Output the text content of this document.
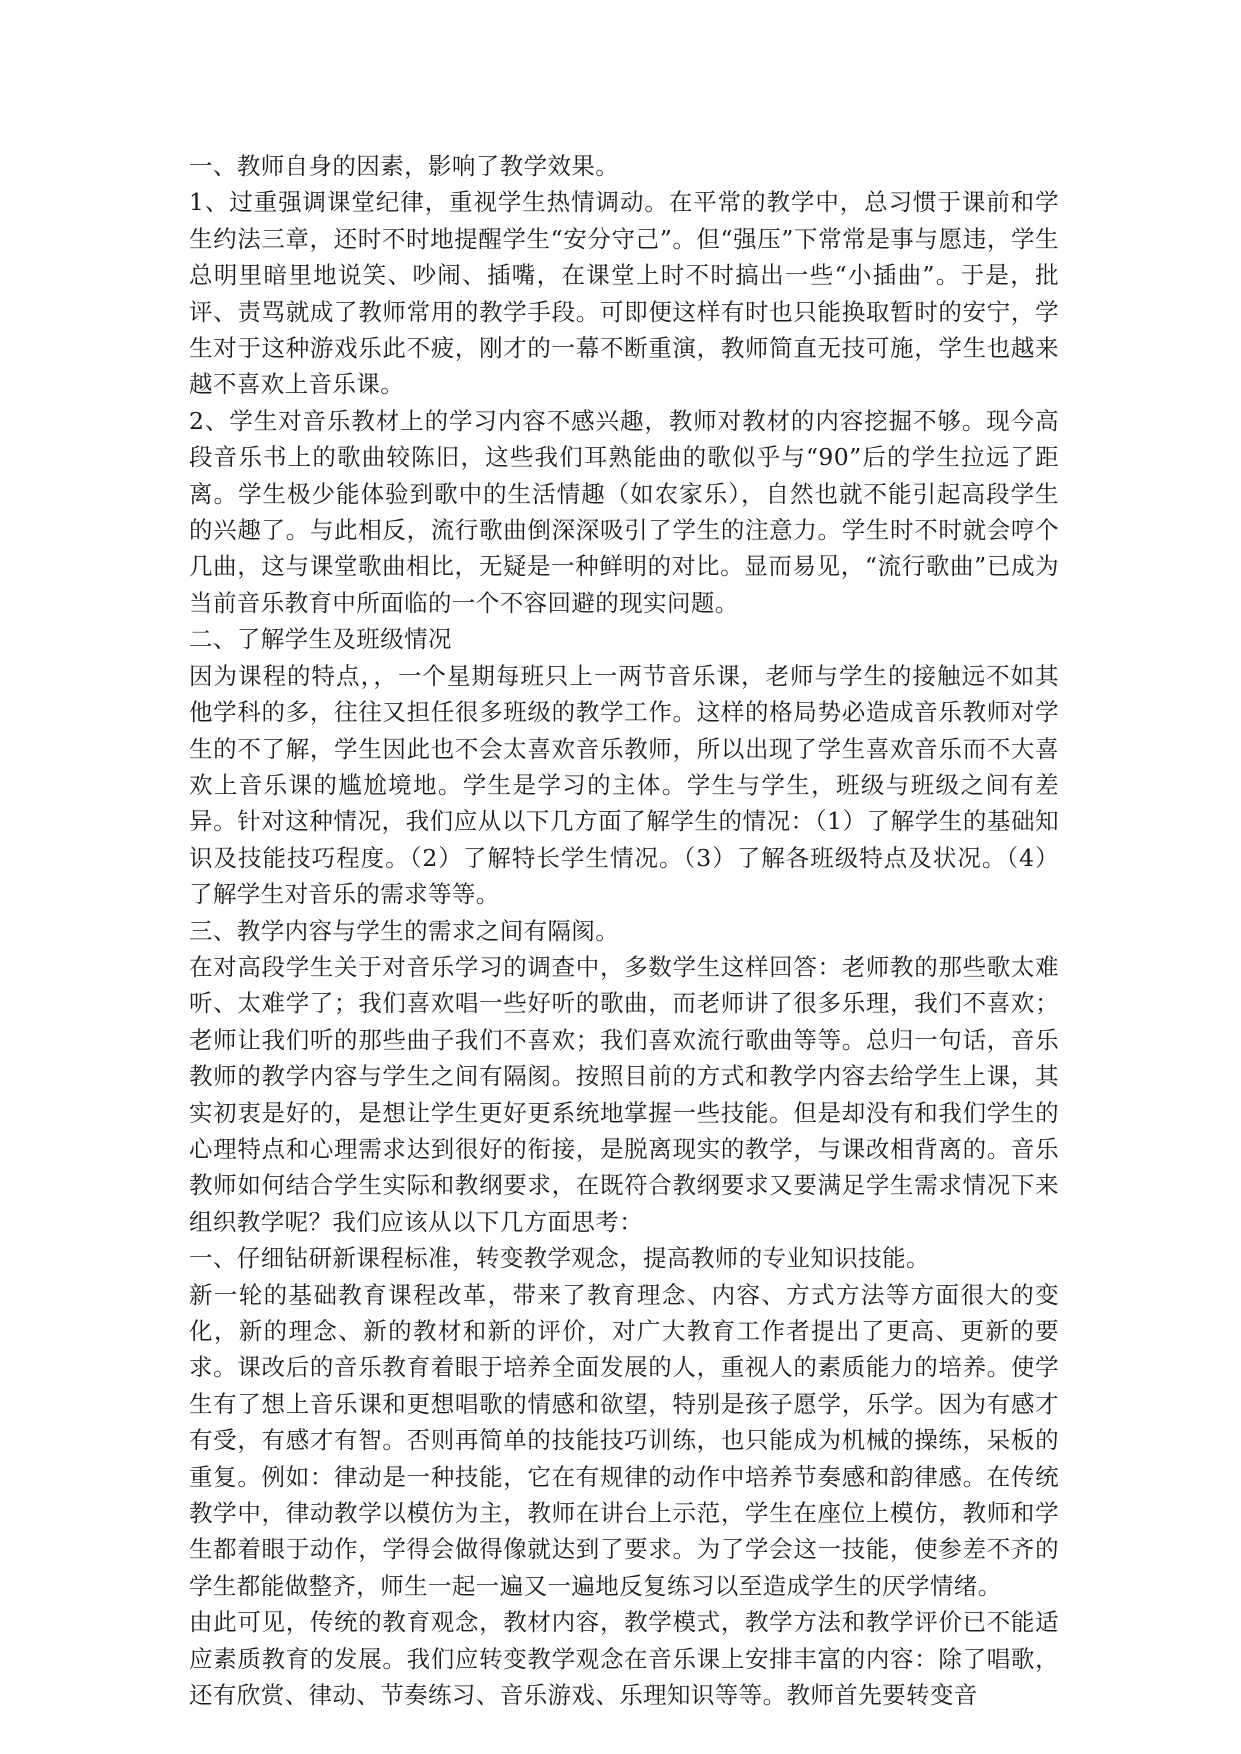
一、教师自身的因素，影响了教学效果。

1、过重强调课堂纪律，重视学生热情调动。在平常的教学中，总习惯于课前和学生约法三章，还时不时地提醒学生“安分守己”。但“强压”下常常是事与愿违，学生总明里暗里地说笑、吵闹、插嘴，在课堂上时不时搞出一些“小插曲”。于是，批评、责骂就成了教师常用的教学手段。可即便这样有时也只能换取暂时的安宁，学生对于这种游戏乐此不疲，刚才的一幕不断重演，教师简直无技可施，学生也越来越不喜欢上音乐课。

2、学生对音乐教材上的学习内容不感兴趣，教师对教材的内容挖掘不够。现今高段音乐书上的歌曲较陈旧，这些我们耳熟能曲的歌似乎与“90”后的学生拉远了距离。学生极少能体验到歌中的生活情趣（如农家乐），自然也就不能引起高段学生的兴趣了。与此相反，流行歌曲倒深深吸引了学生的注意力。学生时不时就会哼个几曲，这与课堂歌曲相比，无疑是一种鲜明的对比。显而易见，“流行歌曲”已成为当前音乐教育中所面临的一个不容回避的现实问题。

二、了解学生及班级情况

因为课程的特点，，一个星期每班只上一两节音乐课，老师与学生的接触远不如其他学科的多，往往又担任很多班级的教学工作。这样的格局势必造成音乐教师对学生的不了解，学生因此也不会太喜欢音乐教师，所以出现了学生喜欢音乐而不大喜欢上音乐课的尴尬境地。学生是学习的主体。学生与学生，班级与班级之间有差异。针对这种情况，我们应从以下几方面了解学生的情况：（1）了解学生的基础知识及技能技巧程度。（2）了解特长学生情况。（3）了解各班级特点及状况。（4）了解学生对音乐的需求等等。

三、教学内容与学生的需求之间有隔阂。

在对高段学生关于对音乐学习的调查中，多数学生这样回答：老师教的那些歌太难听、太难学了；我们喜欢唱一些好听的歌曲，而老师讲了很多乐理，我们不喜欢；老师让我们听的那些曲子我们不喜欢；我们喜欢流行歌曲等等。总归一句话，音乐教师的教学内容与学生之间有隔阂。按照目前的方式和教学内容去给学生上课，其实初衷是好的，是想让学生更好更系统地掌握一些技能。但是却没有和我们学生的心理特点和心理需求达到很好的衔接，是脱离现实的教学，与课改相背离的。音乐教师如何结合学生实际和教纲要求，在既符合教纲要求又要满足学生需求情况下来组织教学呢？我们应该从以下几方面思考：

一、仔细钻研新课程标准，转变教学观念，提高教师的专业知识技能。

新一轮的基础教育课程改革，带来了教育理念、内容、方式方法等方面很大的变化，新的理念、新的教材和新的评价，对广大教育工作者提出了更高、更新的要求。课改后的音乐教育着眼于培养全面发展的人，重视人的素质能力的培养。使学生有了想上音乐课和更想唱歌的情感和欲望，特别是孩子愿学，乐学。因为有感才有受，有感才有智。否则再简单的技能技巧训练，也只能成为机械的操练，呆板的重复。例如：律动是一种技能，它在有规律的动作中培养节奏感和韵律感。在传统教学中，律动教学以模仿为主，教师在讲台上示范，学生在座位上模仿，教师和学生都着眼于动作，学得会做得像就达到了要求。为了学会这一技能，使参差不齐的学生都能做整齐，师生一起一遍又一遍地反复练习以至造成学生的厌学情绪。

由此可见，传统的教育观念，教材内容，教学模式，教学方法和教学评价已不能适应素质教育的发展。我们应转变教学观念在音乐课上安排丰富的内容：除了唱歌，还有欣赏、律动、节奏练习、音乐游戏、乐理知识等等。教师首先要转变音
